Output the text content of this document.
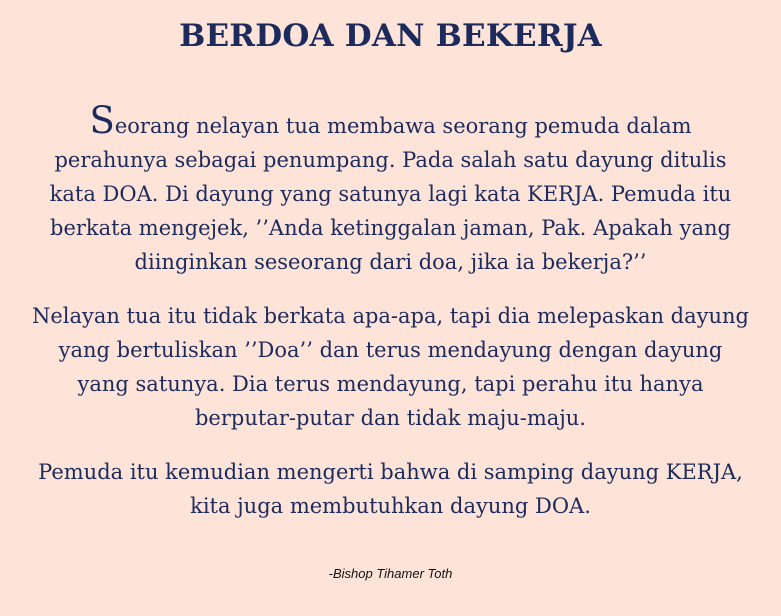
BERDOA DAN BEKERJA

Seorang nelayan tua membawa seorang pemuda dalam perahunya sebagai penumpang. Pada salah satu dayung ditulis kata DOA. Di dayung yang satunya lagi kata KERJA. Pemuda itu berkata mengejek, ’’Anda ketinggalan jaman, Pak. Apakah yang diinginkan seseorang dari doa, jika ia bekerja?’’

Nelayan tua itu tidak berkata apa-apa, tapi dia melepaskan dayung yang bertuliskan ’’Doa’’ dan terus mendayung dengan dayung yang satunya. Dia terus mendayung, tapi perahu itu hanya berputar-putar dan tidak maju-maju.

Pemuda itu kemudian mengerti bahwa di samping dayung KERJA, kita juga membutuhkan dayung DOA.

-Bishop Tihamer Toth
